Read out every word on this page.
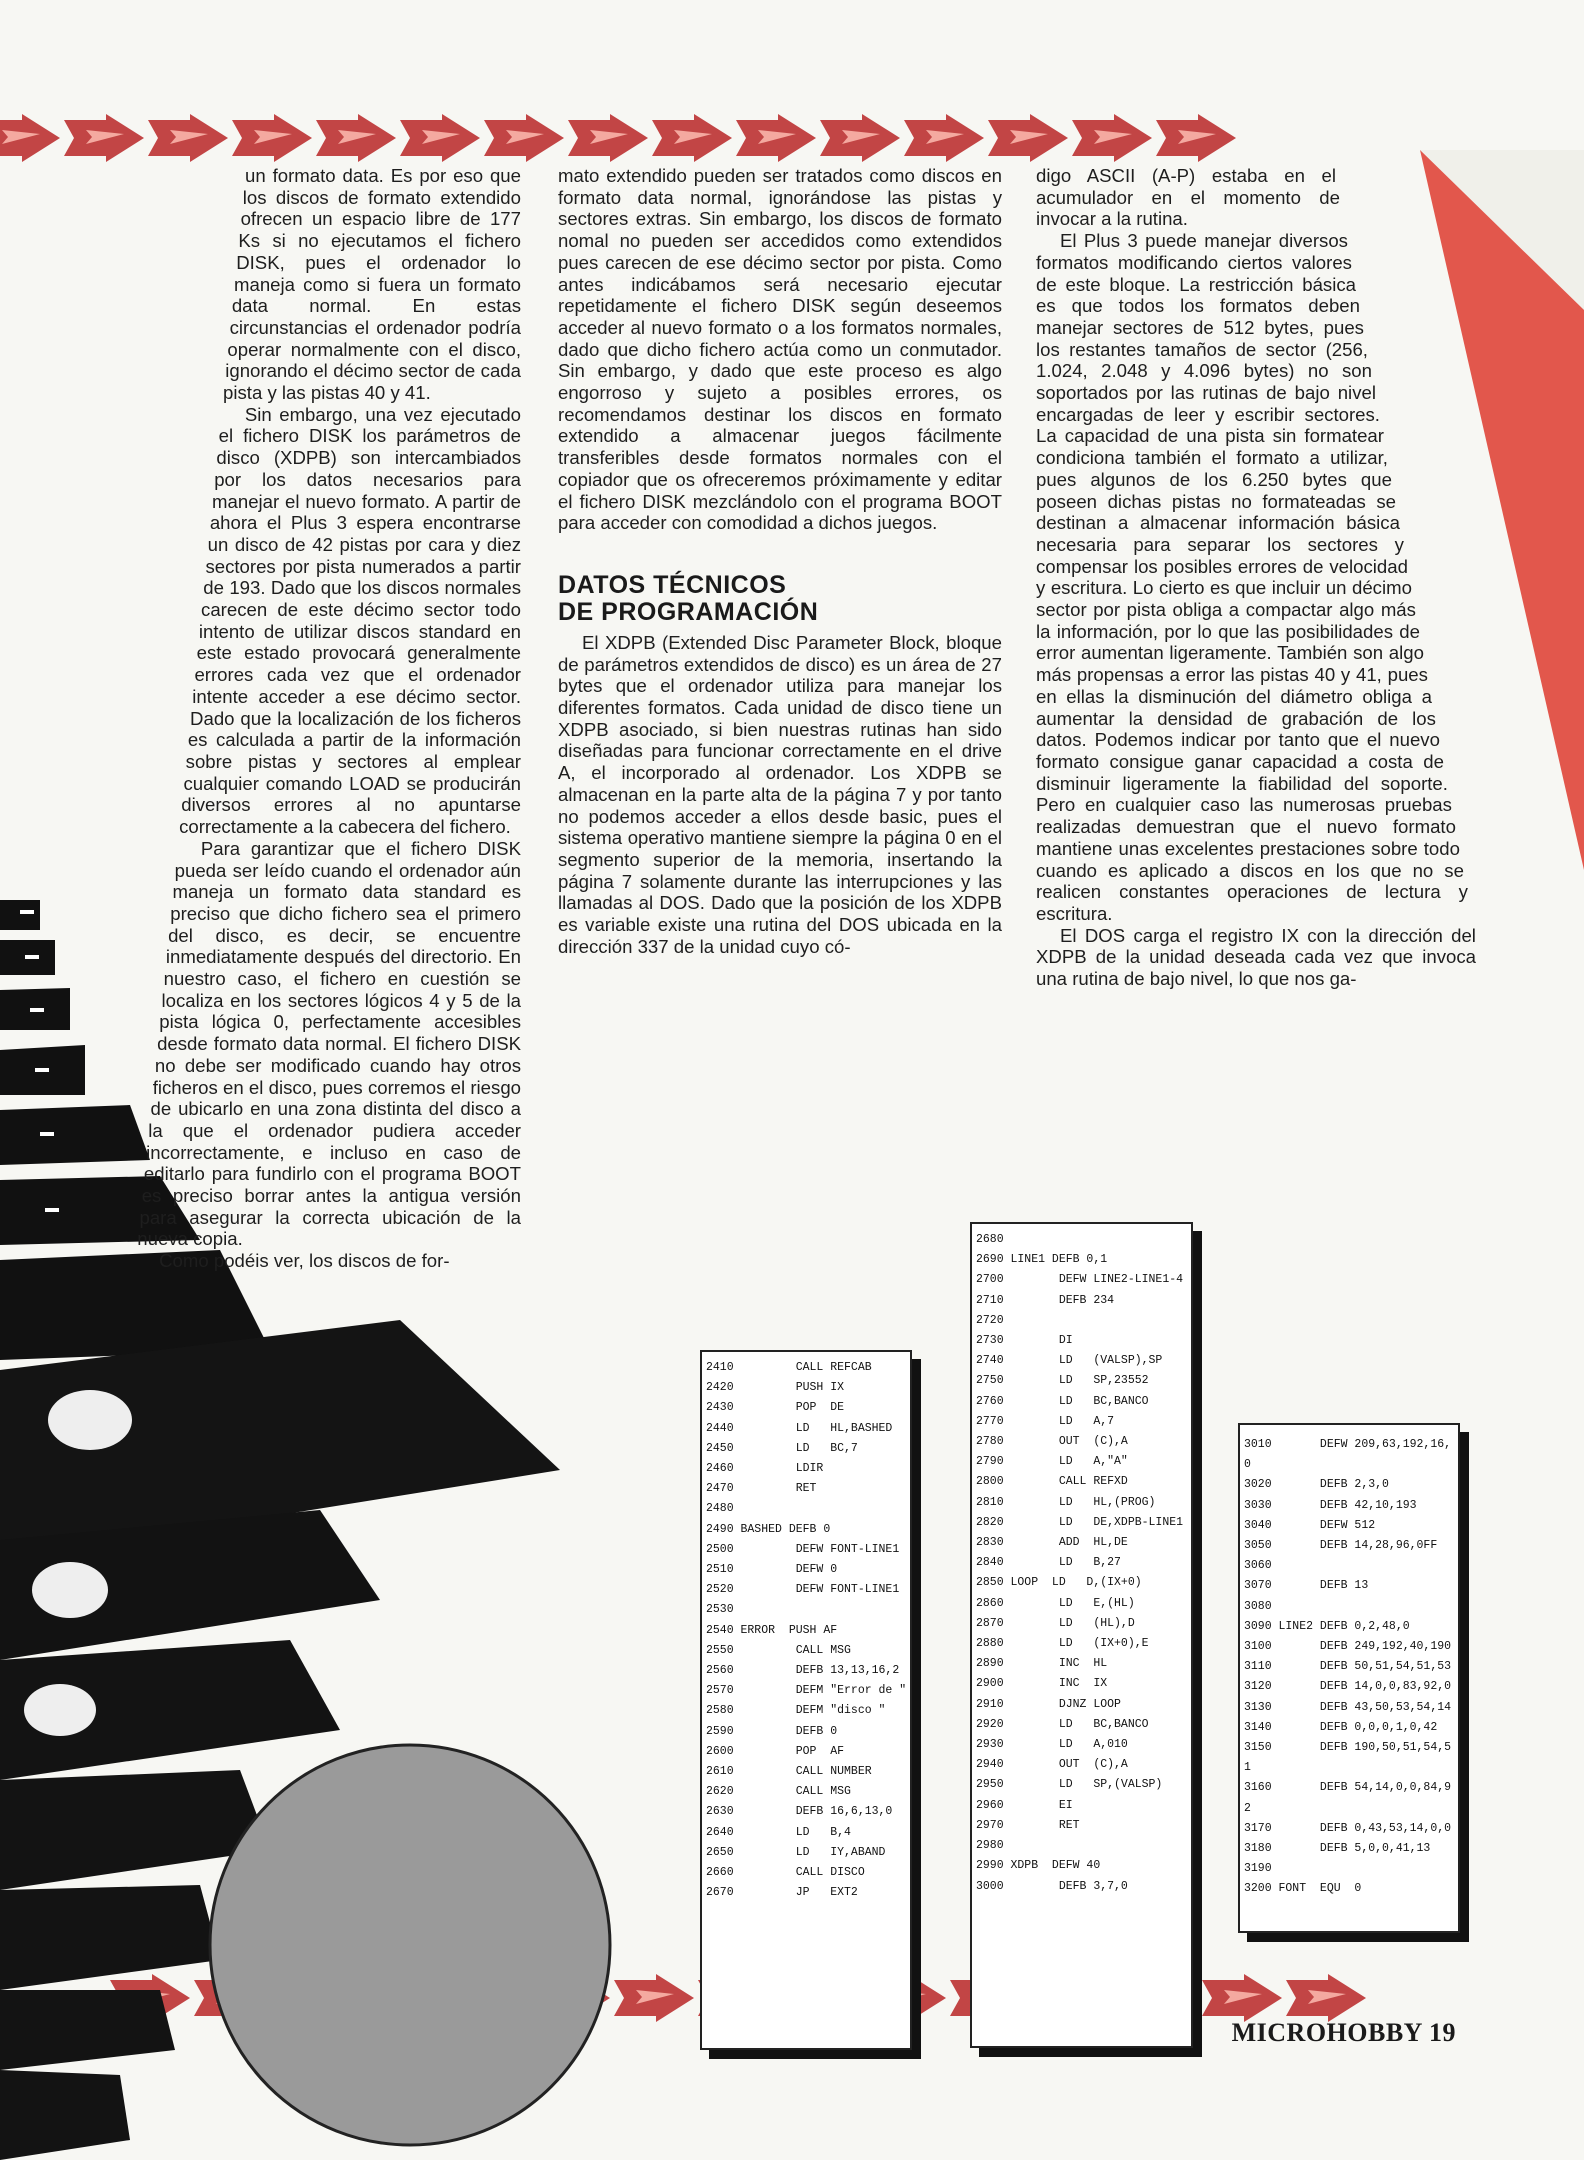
un formato data. Es por eso que los discos de formato extendido ofrecen un espacio libre de 177 Ks si no ejecutamos el fichero DISK, pues el ordenador lo maneja como si fuera un formato data normal. En estas circunstancias el ordenador podría operar normalmente con el disco, ignorando el décimo sector de cada pista y las pistas 40 y 41.

Sin embargo, una vez ejecutado el fichero DISK los parámetros de disco (XDPB) son intercambiados por los datos necesarios para manejar el nuevo formato. A partir de ahora el Plus 3 espera encontrarse un disco de 42 pistas por cara y diez sectores por pista numerados a partir de 193. Dado que los discos normales carecen de este décimo sector todo intento de utilizar discos standard en este estado provocará generalmente errores cada vez que el ordenador intente acceder a ese décimo sector. Dado que la localización de los ficheros es calculada a partir de la información sobre pistas y sectores al emplear cualquier comando LOAD se producirán diversos errores al no apuntarse correctamente a la cabecera del fichero.

Para garantizar que el fichero DISK pueda ser leído cuando el ordenador aún maneja un formato data standard es preciso que dicho fichero sea el primero del disco, es decir, se encuentre inmediatamente después del directorio. En nuestro caso, el fichero en cuestión se localiza en los sectores lógicos 4 y 5 de la pista lógica 0, perfectamente accesibles desde formato data normal. El fichero DISK no debe ser modificado cuando hay otros ficheros en el disco, pues corremos el riesgo de ubicarlo en una zona distinta del disco a la que el ordenador pudiera acceder incorrectamente, e incluso en caso de editarlo para fundirlo con el programa BOOT es preciso borrar antes la antigua versión para asegurar la correcta ubicación de la nueva copia.

Como podéis ver, los discos de for-

mato extendido pueden ser tratados como discos en formato data normal, ignorándose las pistas y sectores extras. Sin embargo, los discos de formato nomal no pueden ser accedidos como extendidos pues carecen de ese décimo sector por pista. Como antes indicábamos será necesario ejecutar repetidamente el fichero DISK según deseemos acceder al nuevo formato o a los formatos normales, dado que dicho fichero actúa como un conmutador. Sin embargo, y dado que este proceso es algo engorroso y sujeto a posibles errores, os recomendamos destinar los discos en formato extendido a almacenar juegos fácilmente transferibles desde formatos normales con el copiador que os ofreceremos próximamente y editar el fichero DISK mezclándolo con el programa BOOT para acceder con comodidad a dichos juegos.

DATOS TÉCNICOS
DE PROGRAMACIÓN

El XDPB (Extended Disc Parameter Block, bloque de parámetros extendidos de disco) es un área de 27 bytes que el ordenador utiliza para manejar los diferentes formatos. Cada unidad de disco tiene un XDPB asociado, si bien nuestras rutinas han sido diseñadas para funcionar correctamente en el drive A, el incorporado al ordenador. Los XDPB se almacenan en la parte alta de la página 7 y por tanto no podemos acceder a ellos desde basic, pues el sistema operativo mantiene siempre la página 0 en el segmento superior de la memoria, insertando la página 7 solamente durante las interrupciones y las llamadas al DOS. Dado que la posición de los XDPB es variable existe una rutina del DOS ubicada en la dirección 337 de la unidad cuyo có-

digo ASCII (A-P) estaba en el acumulador en el momento de invocar a la rutina.

El Plus 3 puede manejar diversos formatos modificando ciertos valores de este bloque. La restricción básica es que todos los formatos deben manejar sectores de 512 bytes, pues los restantes tamaños de sector (256, 1.024, 2.048 y 4.096 bytes) no son soportados por las rutinas de bajo nivel encargadas de leer y escribir sectores. La capacidad de una pista sin formatear condiciona también el formato a utilizar, pues algunos de los 6.250 bytes que poseen dichas pistas no formateadas se destinan a almacenar información básica necesaria para separar los sectores y compensar los posibles errores de velocidad y escritura. Lo cierto es que incluir un décimo sector por pista obliga a compactar algo más la información, por lo que las posibilidades de error aumentan ligeramente. También son algo más propensas a error las pistas 40 y 41, pues en ellas la disminución del diámetro obliga a aumentar la densidad de grabación de los datos. Podemos indicar por tanto que el nuevo formato consigue ganar capacidad a costa de disminuir ligeramente la fiabilidad del soporte. Pero en cualquier caso las numerosas pruebas realizadas demuestran que el nuevo formato mantiene unas excelentes prestaciones sobre todo cuando es aplicado a discos en los que no se realicen constantes operaciones de lectura y escritura.

El DOS carga el registro IX con la dirección del XDPB de la unidad deseada cada vez que invoca una rutina de bajo nivel, lo que nos ga-

2410         CALL REFCAB
2420         PUSH IX
2430         POP  DE
2440         LD   HL,BASHED
2450         LD   BC,7
2460         LDIR
2470         RET
2480
2490 BASHED DEFB 0
2500         DEFW FONT-LINE1
2510         DEFW 0
2520         DEFW FONT-LINE1
2530
2540 ERROR  PUSH AF
2550         CALL MSG
2560         DEFB 13,13,16,2
2570         DEFM "Error de "
2580         DEFM "disco "
2590         DEFB 0
2600         POP  AF
2610         CALL NUMBER
2620         CALL MSG
2630         DEFB 16,6,13,0
2640         LD   B,4
2650         LD   IY,ABAND
2660         CALL DISCO
2670         JP   EXT2
2680
2690 LINE1 DEFB 0,1
2700        DEFW LINE2-LINE1-4
2710        DEFB 234
2720
2730        DI
2740        LD   (VALSP),SP
2750        LD   SP,23552
2760        LD   BC,BANCO
2770        LD   A,7
2780        OUT  (C),A
2790        LD   A,"A"
2800        CALL REFXD
2810        LD   HL,(PROG)
2820        LD   DE,XDPB-LINE1
2830        ADD  HL,DE
2840        LD   B,27
2850 LOOP  LD   D,(IX+0)
2860        LD   E,(HL)
2870        LD   (HL),D
2880        LD   (IX+0),E
2890        INC  HL
2900        INC  IX
2910        DJNZ LOOP
2920        LD   BC,BANCO
2930        LD   A,010
2940        OUT  (C),A
2950        LD   SP,(VALSP)
2960        EI
2970        RET
2980
2990 XDPB  DEFW 40
3000        DEFB 3,7,0
3010       DEFW 209,63,192,16,
0
3020       DEFB 2,3,0
3030       DEFB 42,10,193
3040       DEFW 512
3050       DEFB 14,28,96,0FF
3060
3070       DEFB 13
3080
3090 LINE2 DEFB 0,2,48,0
3100       DEFB 249,192,40,190
3110       DEFB 50,51,54,51,53
3120       DEFB 14,0,0,83,92,0
3130       DEFB 43,50,53,54,14
3140       DEFB 0,0,0,1,0,42
3150       DEFB 190,50,51,54,5
1
3160       DEFB 54,14,0,0,84,9
2
3170       DEFB 0,43,53,14,0,0
3180       DEFB 5,0,0,41,13
3190
3200 FONT  EQU  0
MICROHOBBY 19
